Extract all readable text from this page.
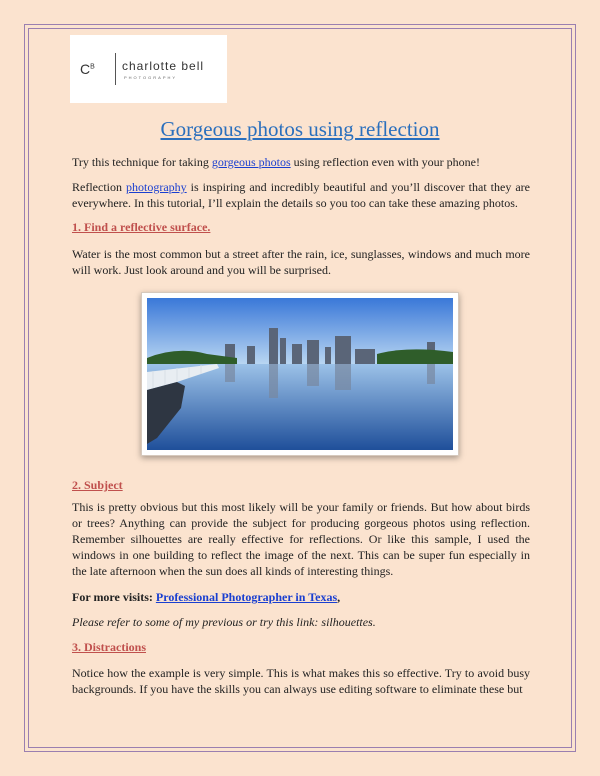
$C^B$ charlotte bell
PHOTOGRAPHY
Gorgeous photos using reflection

Try this technique for taking gorgeous photos using reflection even with your phone!

Reflection photography is inspiring and incredibly beautiful and you’ll discover that they are everywhere. In this tutorial, I’ll explain the details so you too can take these amazing photos.

1. Find a reflective surface.

Water is the most common but a street after the rain, ice, sunglasses, windows and much more will work. Just look around and you will be surprised.

2. Subject

This is pretty obvious but this most likely will be your family or friends. But how about birds or trees? Anything can provide the subject for producing gorgeous photos using reflection. Remember silhouettes are really effective for reflections. Or like this sample, I used the windows in one building to reflect the image of the next. This can be super fun especially in the late afternoon when the sun does all kinds of interesting things.

For more visits: Professional Photographer in Texas,
Please refer to some of my previous or try this link: silhouettes.

3. Distractions

Notice how the example is very simple. This is what makes this so effective. Try to avoid busy backgrounds. If you have the skills you can always use editing software to eliminate these but
